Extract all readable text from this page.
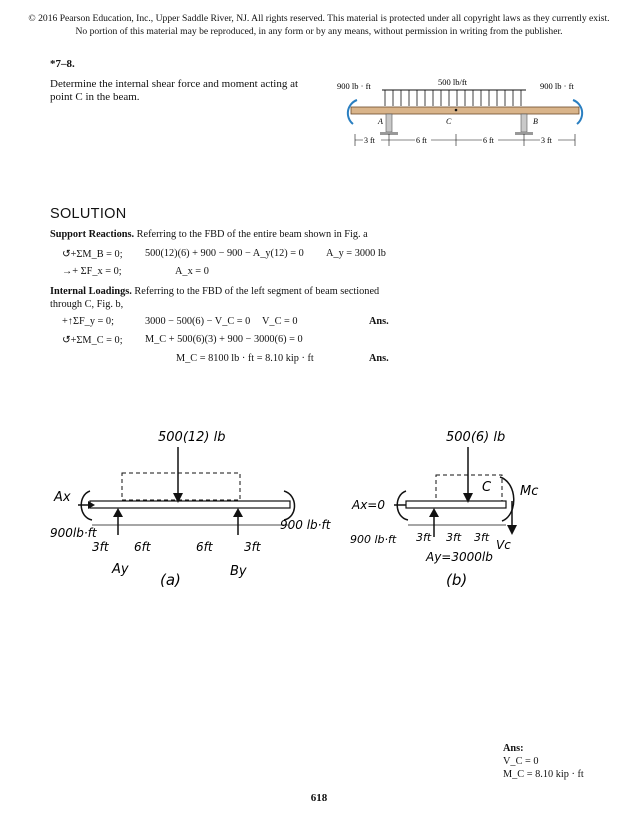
© 2016 Pearson Education, Inc., Upper Saddle River, NJ. All rights reserved. This material is protected under all copyright laws as they currently exist. No portion of this material may be reproduced, in any form or by any means, without permission in writing from the publisher.
*7–8.
Determine the internal shear force and moment acting at point C in the beam.
900 lb · ft	500 lb/ft	900 lb · ft
A	B
C
3 ft	6 ft	6 ft	3 ft
SOLUTION
Support Reactions. Referring to the FBD of the entire beam shown in Fig. a
↺+ΣM_B = 0; 500(12)(6) + 900 − 900 − A_y(12) = 0 A_y = 3000 lb
→+ ΣF_x = 0;	A_x = 0
Internal Loadings. Referring to the FBD of the left segment of beam sectioned through C, Fig. b,
+↑ΣF_y = 0;	3000 − 500(6) − V_C = 0 V_C = 0	Ans.
↺+ΣM_C = 0; M_C + 500(6)(3) + 900 − 3000(6) = 0
M_C = 8100 lb · ft = 8.10 kip · ft	Ans.
500(12) lb
Ax
900lb·ft
900 lb·ft
3ft 6ft	6ft	3ft
Ay	By
(a)
500(6) lb
Ax=0
900 lb·ft
C Mc
Vc
3ft 3ft 3ft
Ay=3000lb
(b)
Ans:
V_C = 0
M_C = 8.10 kip · ft
618
